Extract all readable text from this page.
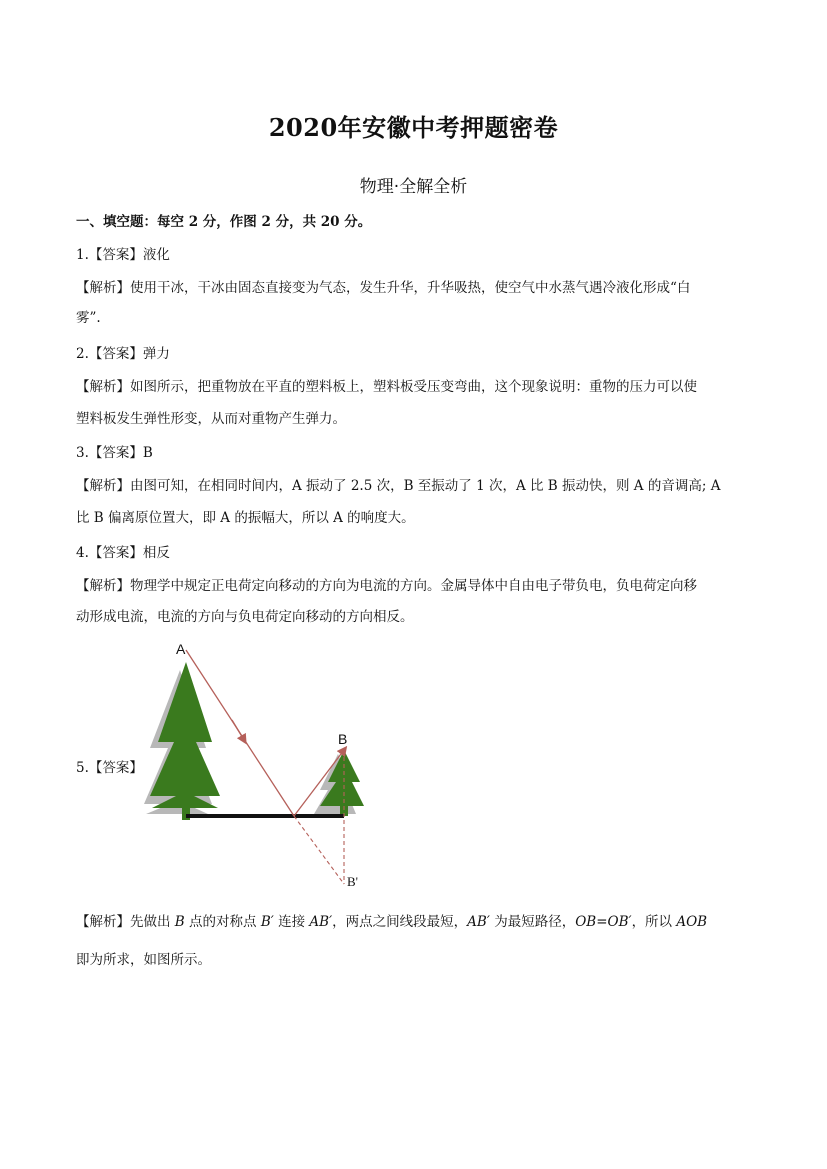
2020年安徽中考押题密卷
物理·全解全析
一、填空题：每空 2 分，作图 2 分，共 20 分。
1.【答案】液化
【解析】使用干冰，干冰由固态直接变为气态，发生升华，升华吸热，使空气中水蒸气遇冷液化形成“白
雾”.
2.【答案】弹力
【解析】如图所示，把重物放在平直的塑料板上，塑料板受压变弯曲，这个现象说明：重物的压力可以使
塑料板发生弹性形变，从而对重物产生弹力。
3.【答案】B
【解析】由图可知，在相同时间内，A 振动了 2.5 次，B 至振动了 1 次，A 比 B 振动快，则 A 的音调高; A
比 B 偏离原位置大，即 A 的振幅大，所以 A 的响度大。
4.【答案】相反
【解析】物理学中规定正电荷定向移动的方向为电流的方向。金属导体中自由电子带负电，负电荷定向移
动形成电流，电流的方向与负电荷定向移动的方向相反。
5.【答案】
A
B
B'
【解析】先做出 B 点的对称点 B′ 连接 AB′，两点之间线段最短，AB′ 为最短路径，OB=OB′，所以 AOB
即为所求，如图所示。
